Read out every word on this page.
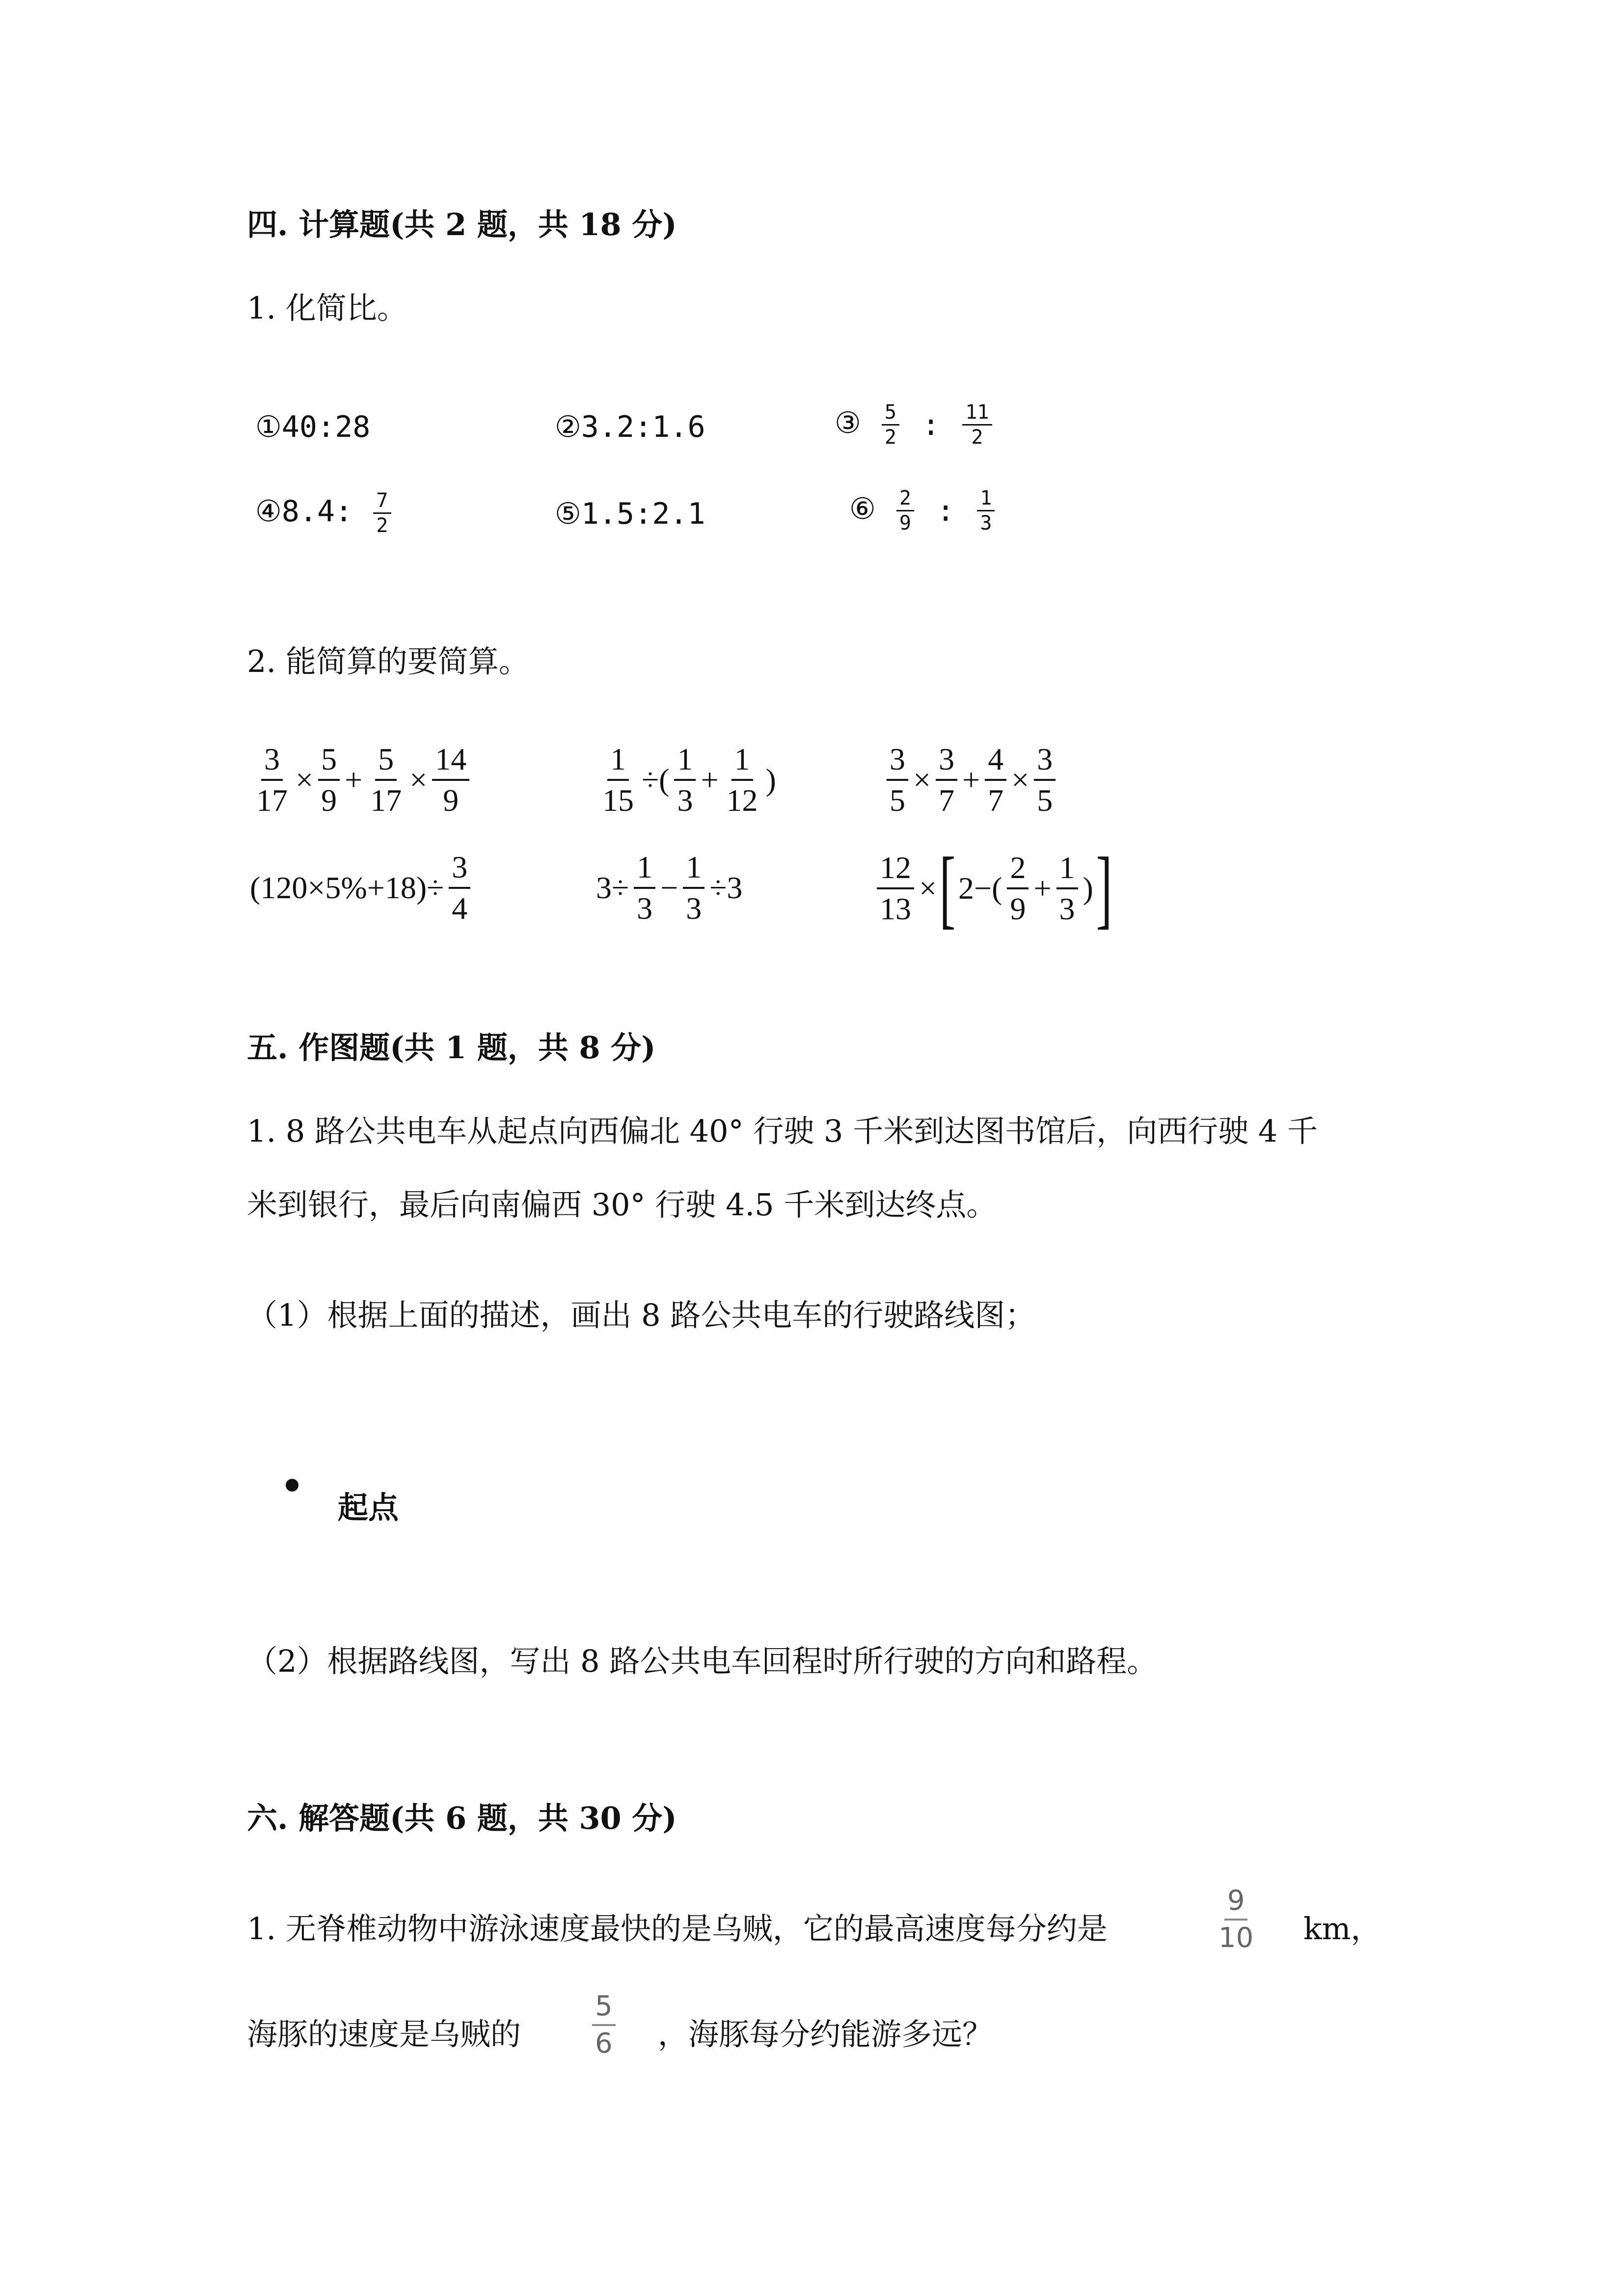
四. 计算题(共 2 题，共 18 分)
1. 化简比。
①40:28	②3.2:1.6	③ $\frac{5}{2}$ : $\frac{11}{2}$
④8.4: $\frac{7}{2}$	⑤1.5:2.1	⑥ $\frac{2}{9}$ : $\frac{1}{3}$
2. 能简算的要简算。
$\frac{3}{17} \times \frac{5}{9} + \frac{5}{17} \times \frac{14}{9}$	$\frac{1}{15}$ ÷( $\frac{1}{3} + \frac{1}{12}$ )	$\frac{3}{5} \times \frac{3}{7} + \frac{4}{7} \times \frac{3}{5}$
$(120\times 5\%+18)\div \frac{3}{4}$	$3\div \frac{1}{3} - \frac{1}{3} \div 3$	$\frac{12}{13} \times[2-( \frac{2}{9} + \frac{1}{3}$ )]
五. 作图题(共 1 题，共 8 分)
1. 8 路公共电车从起点向西偏北 40° 行驶 3 千米到达图书馆后，向西行驶 4 千
米到银行，最后向南偏西 30° 行驶 4.5 千米到达终点。
（1）根据上面的描述，画出 8 路公共电车的行驶路线图；
起点
（2）根据路线图，写出 8 路公共电车回程时所行驶的方向和路程。
六. 解答题(共 6 题，共 30 分)
1. 无脊椎动物中游泳速度最快的是乌贼，它的最高速度每分约是	$\frac{9}{10}$ km，
海豚的速度是乌贼的	$\frac{5}{6}$ ，海豚每分约能游多远？
